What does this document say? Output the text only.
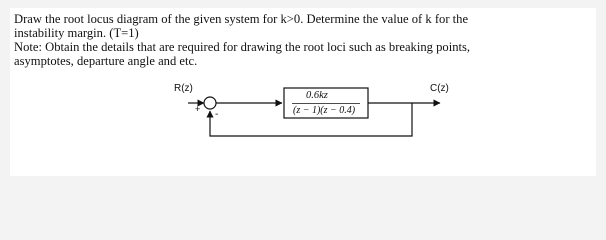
Draw the root locus diagram of the given system for k>0. Determine the value of k for the
instability margin. (T=1)
Note: Obtain the details that are required for drawing the root loci such as breaking points,
asymptotes, departure angle and etc.
R(z)	C(z)
+ -
0.6kz
(z − 1)(z − 0.4)
